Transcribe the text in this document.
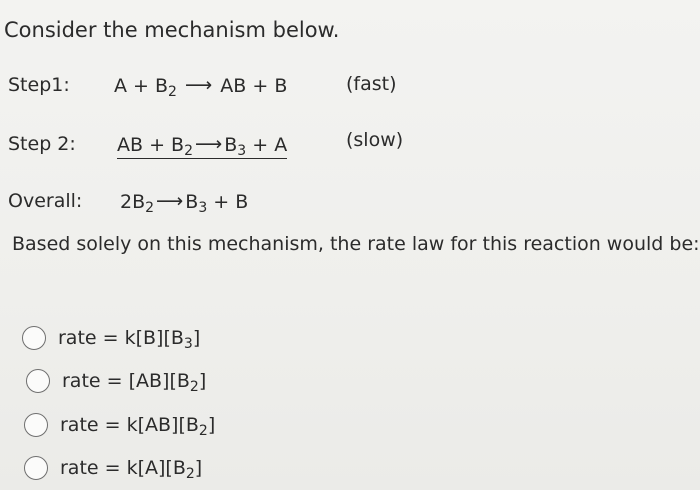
Consider the mechanism below.
Step1: $A + B_2$ ⟶ AB + B	(fast)
Step 2: AB + $B_2$ ⟶ $B_3 + A$	(slow)
Overall: $2B_2$ ⟶ $B_3 + B$
Based solely on this mechanism, the rate law for this reaction would be:
rate = $k[B][B_3]$
rate = $[AB][B_2]$
rate = $k[AB][B_2]$
rate = $k[A][B_2]$
